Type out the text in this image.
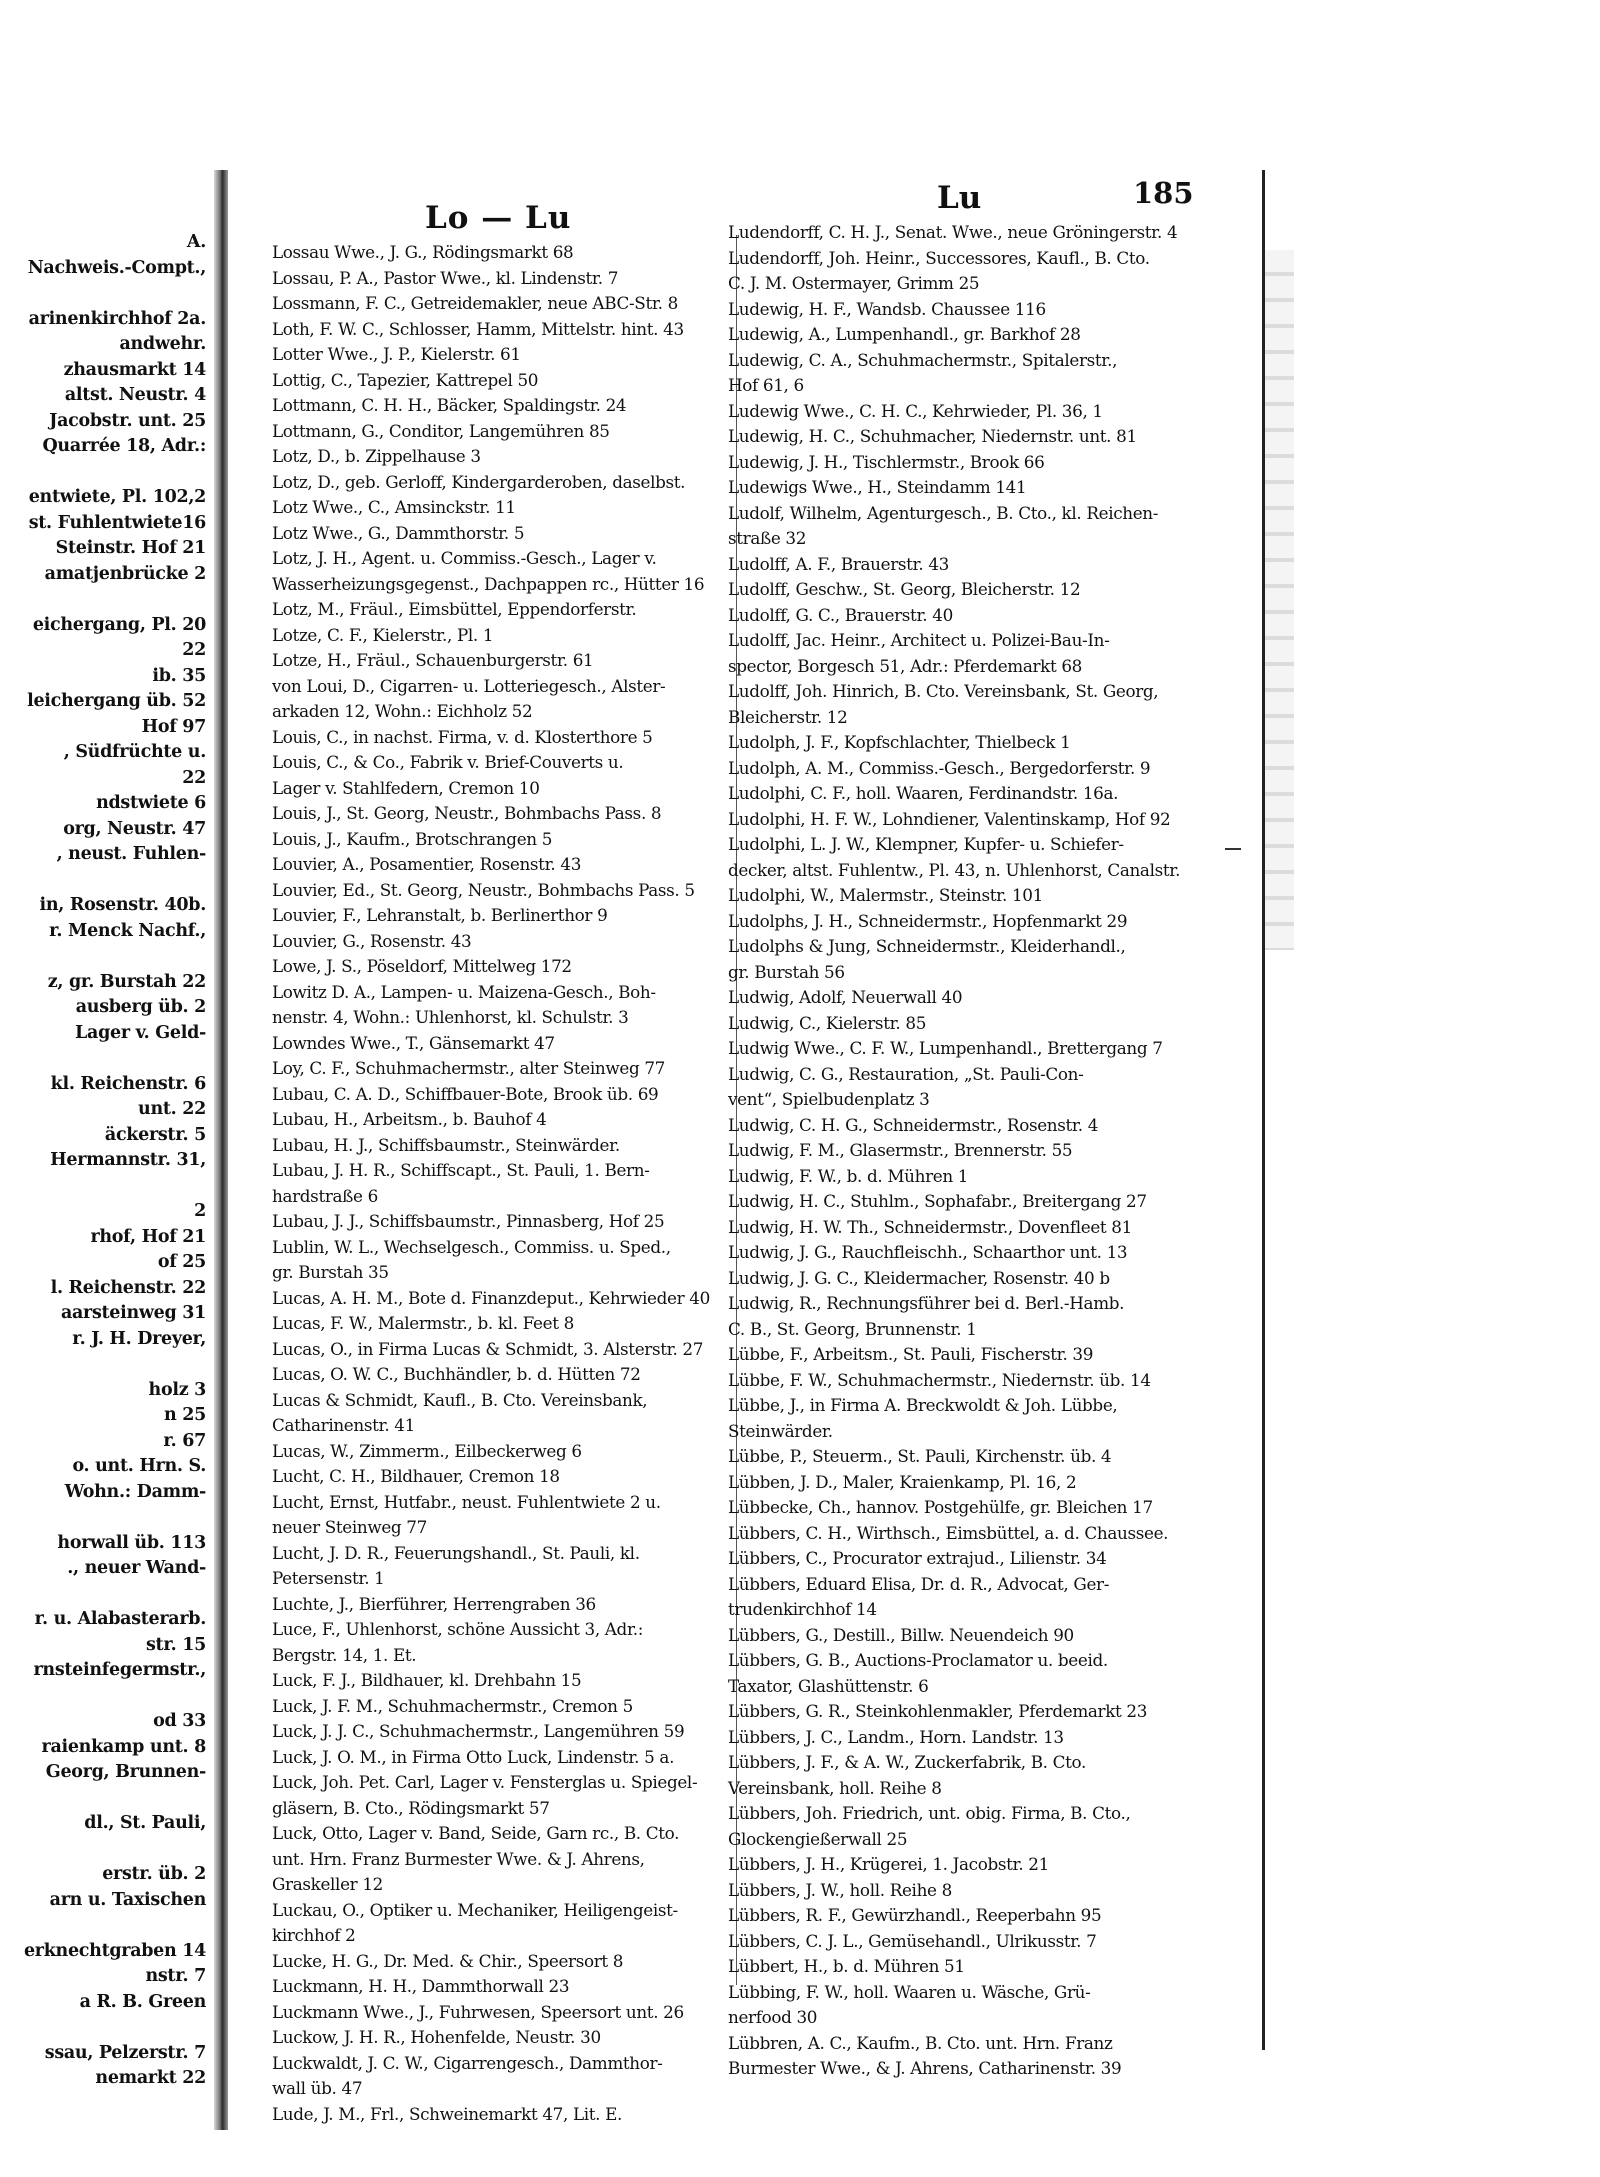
A.
Nachweis.-Compt.,

arinenkirchhof 2a.
andwehr.
zhausmarkt 14
altst. Neustr. 4
Jacobstr. unt. 25
Quarrée 18, Adr.:

entwiete, Pl. 102,2
st. Fuhlentwiete16
Steinstr. Hof 21
amatjenbrücke 2

eichergang, Pl. 20
22
ib. 35
leichergang üb. 52
Hof 97
, Südfrüchte u.
22
ndstwiete 6
org, Neustr. 47
, neust. Fuhlen-

in, Rosenstr. 40b.
r. Menck Nachf.,

z, gr. Burstah 22
ausberg üb. 2
Lager v. Geld-

kl. Reichenstr. 6
unt. 22
äckerstr. 5
Hermannstr. 31,

2
rhof, Hof 21
of 25
l. Reichenstr. 22
aarsteinweg 31
r. J. H. Dreyer,

holz 3
n 25
r. 67
o. unt. Hrn. S.
Wohn.: Damm-

horwall üb. 113
., neuer Wand-

r. u. Alabasterarb.
str. 15
rnsteinfegermstr.,

od 33
raienkamp unt. 8
Georg, Brunnen-

dl., St. Pauli,

erstr. üb. 2
arn u. Taxischen

erknechtgraben 14
nstr. 7
a R. B. Green

ssau, Pelzerstr. 7
nemarkt 22
Lo — Lu
Lu	185
Lossau Wwe., J. G., Rödingsmarkt 68
Lossau, P. A., Pastor Wwe., kl. Lindenstr. 7
Lossmann, F. C., Getreidemakler, neue ABC-Str. 8
Loth, F. W. C., Schlosser, Hamm, Mittelstr. hint. 43
Lotter Wwe., J. P., Kielerstr. 61
Lottig, C., Tapezier, Kattrepel 50
Lottmann, C. H. H., Bäcker, Spaldingstr. 24
Lottmann, G., Conditor, Langemühren 85
Lotz, D., b. Zippelhause 3
Lotz, D., geb. Gerloff, Kindergarderoben, daselbst.
Lotz Wwe., C., Amsinckstr. 11
Lotz Wwe., G., Dammthorstr. 5
Lotz, J. H., Agent. u. Commiss.-Gesch., Lager v.
Wasserheizungsgegenst., Dachpappen rc., Hütter 16
Lotz, M., Fräul., Eimsbüttel, Eppendorferstr.
Lotze, C. F., Kielerstr., Pl. 1
Lotze, H., Fräul., Schauenburgerstr. 61
von Loui, D., Cigarren- u. Lotteriegesch., Alster-
arkaden 12, Wohn.: Eichholz 52
Louis, C., in nachst. Firma, v. d. Klosterthore 5
Louis, C., & Co., Fabrik v. Brief-Couverts u.
Lager v. Stahlfedern, Cremon 10
Louis, J., St. Georg, Neustr., Bohmbachs Pass. 8
Louis, J., Kaufm., Brotschrangen 5
Louvier, A., Posamentier, Rosenstr. 43
Louvier, Ed., St. Georg, Neustr., Bohmbachs Pass. 5
Louvier, F., Lehranstalt, b. Berlinerthor 9
Louvier, G., Rosenstr. 43
Lowe, J. S., Pöseldorf, Mittelweg 172
Lowitz D. A., Lampen- u. Maizena-Gesch., Boh-
nenstr. 4, Wohn.: Uhlenhorst, kl. Schulstr. 3
Lowndes Wwe., T., Gänsemarkt 47
Loy, C. F., Schuhmachermstr., alter Steinweg 77
Lubau, C. A. D., Schiffbauer-Bote, Brook üb. 69
Lubau, H., Arbeitsm., b. Bauhof 4
Lubau, H. J., Schiffsbaumstr., Steinwärder.
Lubau, J. H. R., Schiffscapt., St. Pauli, 1. Bern-
hardstraße 6
Lubau, J. J., Schiffsbaumstr., Pinnasberg, Hof 25
Lublin, W. L., Wechselgesch., Commiss. u. Sped.,
gr. Burstah 35
Lucas, A. H. M., Bote d. Finanzdeput., Kehrwieder 40
Lucas, F. W., Malermstr., b. kl. Feet 8
Lucas, O., in Firma Lucas & Schmidt, 3. Alsterstr. 27
Lucas, O. W. C., Buchhändler, b. d. Hütten 72
Lucas & Schmidt, Kaufl., B. Cto. Vereinsbank,
Catharinenstr. 41
Lucas, W., Zimmerm., Eilbeckerweg 6
Lucht, C. H., Bildhauer, Cremon 18
Lucht, Ernst, Hutfabr., neust. Fuhlentwiete 2 u.
neuer Steinweg 77
Lucht, J. D. R., Feuerungshandl., St. Pauli, kl.
Petersenstr. 1
Luchte, J., Bierführer, Herrengraben 36
Luce, F., Uhlenhorst, schöne Aussicht 3, Adr.:
Bergstr. 14, 1. Et.
Luck, F. J., Bildhauer, kl. Drehbahn 15
Luck, J. F. M., Schuhmachermstr., Cremon 5
Luck, J. J. C., Schuhmachermstr., Langemühren 59
Luck, J. O. M., in Firma Otto Luck, Lindenstr. 5 a.
Luck, Joh. Pet. Carl, Lager v. Fensterglas u. Spiegel-
gläsern, B. Cto., Rödingsmarkt 57
Luck, Otto, Lager v. Band, Seide, Garn rc., B. Cto.
unt. Hrn. Franz Burmester Wwe. & J. Ahrens,
Graskeller 12
Luckau, O., Optiker u. Mechaniker, Heiligengeist-
kirchhof 2
Lucke, H. G., Dr. Med. & Chir., Speersort 8
Luckmann, H. H., Dammthorwall 23
Luckmann Wwe., J., Fuhrwesen, Speersort unt. 26
Luckow, J. H. R., Hohenfelde, Neustr. 30
Luckwaldt, J. C. W., Cigarrengesch., Dammthor-
wall üb. 47
Lude, J. M., Frl., Schweinemarkt 47, Lit. E.
Ludendorff, C. H. J., Senat. Wwe., neue Gröningerstr. 4
Ludendorff, Joh. Heinr., Successores, Kaufl., B. Cto.
C. J. M. Ostermayer, Grimm 25
Ludewig, H. F., Wandsb. Chaussee 116
Ludewig, A., Lumpenhandl., gr. Barkhof 28
Ludewig, C. A., Schuhmachermstr., Spitalerstr.,
Hof 61, 6
Ludewig Wwe., C. H. C., Kehrwieder, Pl. 36, 1
Ludewig, H. C., Schuhmacher, Niedernstr. unt. 81
Ludewig, J. H., Tischlermstr., Brook 66
Ludewigs Wwe., H., Steindamm 141
Ludolf, Wilhelm, Agenturgesch., B. Cto., kl. Reichen-
straße 32
Ludolff, A. F., Brauerstr. 43
Ludolff, Geschw., St. Georg, Bleicherstr. 12
Ludolff, G. C., Brauerstr. 40
Ludolff, Jac. Heinr., Architect u. Polizei-Bau-In-
spector, Borgesch 51, Adr.: Pferdemarkt 68
Ludolff, Joh. Hinrich, B. Cto. Vereinsbank, St. Georg,
Bleicherstr. 12
Ludolph, J. F., Kopfschlachter, Thielbeck 1
Ludolph, A. M., Commiss.-Gesch., Bergedorferstr. 9
Ludolphi, C. F., holl. Waaren, Ferdinandstr. 16a.
Ludolphi, H. F. W., Lohndiener, Valentinskamp, Hof 92
Ludolphi, L. J. W., Klempner, Kupfer- u. Schiefer-
decker, altst. Fuhlentw., Pl. 43, n. Uhlenhorst, Canalstr.
Ludolphi, W., Malermstr., Steinstr. 101
Ludolphs, J. H., Schneidermstr., Hopfenmarkt 29
Ludolphs & Jung, Schneidermstr., Kleiderhandl.,
gr. Burstah 56
Ludwig, Adolf, Neuerwall 40
Ludwig, C., Kielerstr. 85
Ludwig Wwe., C. F. W., Lumpenhandl., Brettergang 7
Ludwig, C. G., Restauration, „St. Pauli-Con-
vent“, Spielbudenplatz 3
Ludwig, C. H. G., Schneidermstr., Rosenstr. 4
Ludwig, F. M., Glasermstr., Brennerstr. 55
Ludwig, F. W., b. d. Mühren 1
Ludwig, H. C., Stuhlm., Sophafabr., Breitergang 27
Ludwig, H. W. Th., Schneidermstr., Dovenfleet 81
Ludwig, J. G., Rauchfleischh., Schaarthor unt. 13
Ludwig, J. G. C., Kleidermacher, Rosenstr. 40 b
Ludwig, R., Rechnungsführer bei d. Berl.-Hamb.
C. B., St. Georg, Brunnenstr. 1
Lübbe, F., Arbeitsm., St. Pauli, Fischerstr. 39
Lübbe, F. W., Schuhmachermstr., Niedernstr. üb. 14
Lübbe, J., in Firma A. Breckwoldt & Joh. Lübbe,
Steinwärder.
Lübbe, P., Steuerm., St. Pauli, Kirchenstr. üb. 4
Lübben, J. D., Maler, Kraienkamp, Pl. 16, 2
Lübbecke, Ch., hannov. Postgehülfe, gr. Bleichen 17
Lübbers, C. H., Wirthsch., Eimsbüttel, a. d. Chaussee.
Lübbers, C., Procurator extrajud., Lilienstr. 34
Lübbers, Eduard Elisa, Dr. d. R., Advocat, Ger-
trudenkirchhof 14
Lübbers, G., Destill., Billw. Neuendeich 90
Lübbers, G. B., Auctions-Proclamator u. beeid.
Taxator, Glashüttenstr. 6
Lübbers, G. R., Steinkohlenmakler, Pferdemarkt 23
Lübbers, J. C., Landm., Horn. Landstr. 13
Lübbers, J. F., & A. W., Zuckerfabrik, B. Cto.
Vereinsbank, holl. Reihe 8
Lübbers, Joh. Friedrich, unt. obig. Firma, B. Cto.,
Glockengießerwall 25
Lübbers, J. H., Krügerei, 1. Jacobstr. 21
Lübbers, J. W., holl. Reihe 8
Lübbers, R. F., Gewürzhandl., Reeperbahn 95
Lübbers, C. J. L., Gemüsehandl., Ulrikusstr. 7
Lübbert, H., b. d. Mühren 51
Lübbing, F. W., holl. Waaren u. Wäsche, Grü-
nerfood 30
Lübbren, A. C., Kaufm., B. Cto. unt. Hrn. Franz
Burmester Wwe., & J. Ahrens, Catharinenstr. 39
